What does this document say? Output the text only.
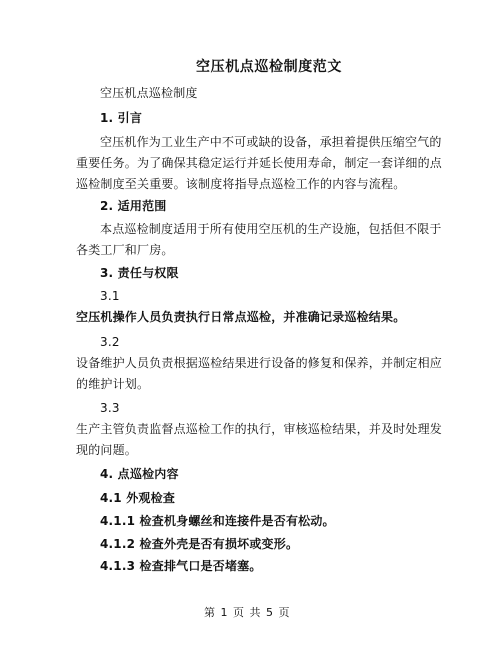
空压机点巡检制度范文
空压机点巡检制度
1. 引言
空压机作为工业生产中不可或缺的设备，承担着提供压缩空气的
重要任务。为了确保其稳定运行并延长使用寿命，制定一套详细的点
巡检制度至关重要。该制度将指导点巡检工作的内容与流程。
2. 适用范围
本点巡检制度适用于所有使用空压机的生产设施，包括但不限于
各类工厂和厂房。
3. 责任与权限
3.1
空压机操作人员负责执行日常点巡检，并准确记录巡检结果。
3.2
设备维护人员负责根据巡检结果进行设备的修复和保养，并制定相应
的维护计划。
3.3
生产主管负责监督点巡检工作的执行，审核巡检结果，并及时处理发
现的问题。
4. 点巡检内容
4.1 外观检查
4.1.1 检查机身螺丝和连接件是否有松动。
4.1.2 检查外壳是否有损坏或变形。
4.1.3 检查排气口是否堵塞。
第 1 页 共 5 页
